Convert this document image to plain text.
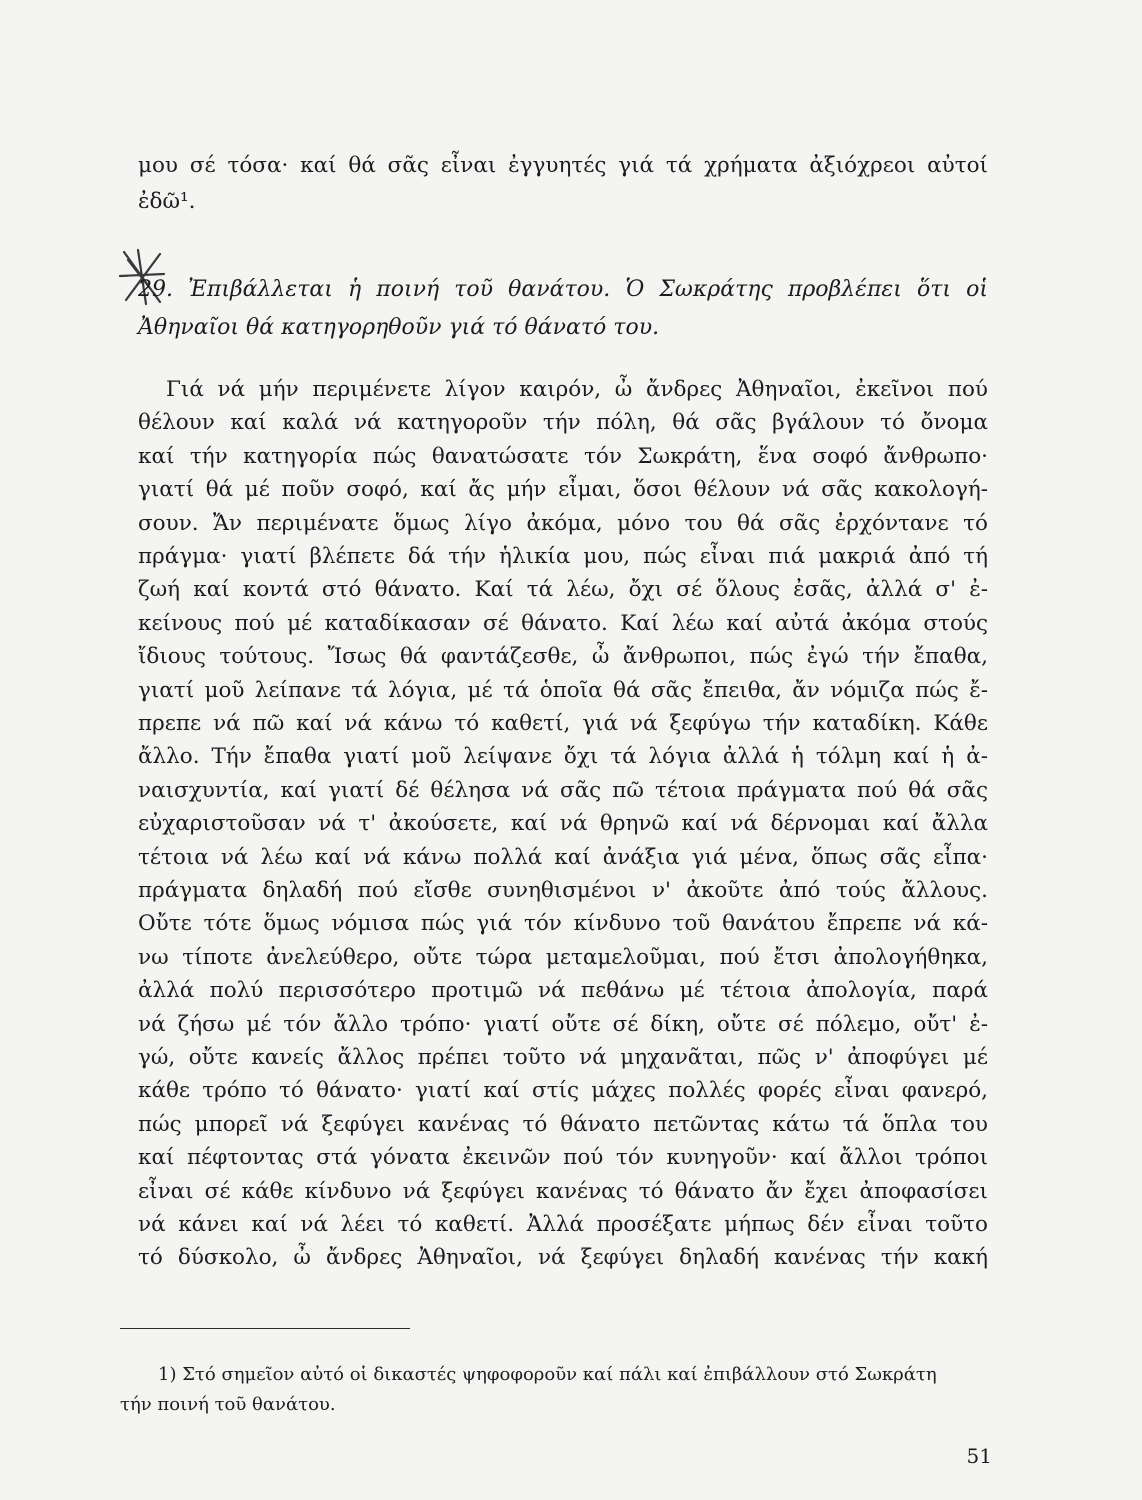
μου σέ τόσα· καί θά σᾶς εἶναι ἐγγυητές γιά τά χρήματα ἀξιόχρεοι αὐτοί
ἐδῶ¹.
29. Ἐπιβάλλεται ἡ ποινή τοῦ θανάτου. Ὁ Σωκράτης προβλέπει ὅτι οἱ
Ἀθηναῖοι θά κατηγορηθοῦν γιά τό θάνατό του.
Γιά νά μήν περιμένετε λίγον καιρόν, ὦ ἄνδρες Ἀθηναῖοι, ἐκεῖνοι πού
θέλουν καί καλά νά κατηγοροῦν τήν πόλη, θά σᾶς βγάλουν τό ὄνομα
καί τήν κατηγορία πώς θανατώσατε τόν Σωκράτη, ἕνα σοφό ἄνθρωπο·
γιατί θά μέ ποῦν σοφό, καί ἄς μήν εἶμαι, ὅσοι θέλουν νά σᾶς κακολογή-
σουν. Ἄν περιμένατε ὅμως λίγο ἀκόμα, μόνο του θά σᾶς ἐρχόντανε τό
πράγμα· γιατί βλέπετε δά τήν ἡλικία μου, πώς εἶναι πιά μακριά ἀπό τή
ζωή καί κοντά στό θάνατο. Καί τά λέω, ὄχι σέ ὅλους ἐσᾶς, ἀλλά σ' ἐ-
κείνους πού μέ καταδίκασαν σέ θάνατο. Καί λέω καί αὐτά ἀκόμα στούς
ἴδιους τούτους. Ἴσως θά φαντάζεσθε, ὦ ἄνθρωποι, πώς ἐγώ τήν ἔπαθα,
γιατί μοῦ λείπανε τά λόγια, μέ τά ὁποῖα θά σᾶς ἔπειθα, ἄν νόμιζα πώς ἔ-
πρεπε νά πῶ καί νά κάνω τό καθετί, γιά νά ξεφύγω τήν καταδίκη. Κάθε
ἄλλο. Τήν ἔπαθα γιατί μοῦ λείψανε ὄχι τά λόγια ἀλλά ἡ τόλμη καί ἡ ἀ-
ναισχυντία, καί γιατί δέ θέλησα νά σᾶς πῶ τέτοια πράγματα πού θά σᾶς
εὐχαριστοῦσαν νά τ' ἀκούσετε, καί νά θρηνῶ καί νά δέρνομαι καί ἄλλα
τέτοια νά λέω καί νά κάνω πολλά καί ἀνάξια γιά μένα, ὅπως σᾶς εἶπα·
πράγματα δηλαδή πού εἴσθε συνηθισμένοι ν' ἀκοῦτε ἀπό τούς ἄλλους.
Οὔτε τότε ὅμως νόμισα πώς γιά τόν κίνδυνο τοῦ θανάτου ἔπρεπε νά κά-
νω τίποτε ἀνελεύθερο, οὔτε τώρα μεταμελοῦμαι, πού ἔτσι ἀπολογήθηκα,
ἀλλά πολύ περισσότερο προτιμῶ νά πεθάνω μέ τέτοια ἀπολογία, παρά
νά ζήσω μέ τόν ἄλλο τρόπο· γιατί οὔτε σέ δίκη, οὔτε σέ πόλεμο, οὔτ' ἐ-
γώ, οὔτε κανείς ἄλλος πρέπει τοῦτο νά μηχανᾶται, πῶς ν' ἀποφύγει μέ
κάθε τρόπο τό θάνατο· γιατί καί στίς μάχες πολλές φορές εἶναι φανερό,
πώς μπορεῖ νά ξεφύγει κανένας τό θάνατο πετῶντας κάτω τά ὅπλα του
καί πέφτοντας στά γόνατα ἐκεινῶν πού τόν κυνηγοῦν· καί ἄλλοι τρόποι
εἶναι σέ κάθε κίνδυνο νά ξεφύγει κανένας τό θάνατο ἄν ἔχει ἀποφασίσει
νά κάνει καί νά λέει τό καθετί. Ἀλλά προσέξατε μήπως δέν εἶναι τοῦτο
τό δύσκολο, ὦ ἄνδρες Ἀθηναῖοι, νά ξεφύγει δηλαδή κανένας τήν κακή
1) Στό σημεῖον αὐτό οἱ δικαστές ψηφοφοροῦν καί πάλι καί ἐπιβάλλουν στό Σωκράτη
τήν ποινή τοῦ θανάτου.
51
